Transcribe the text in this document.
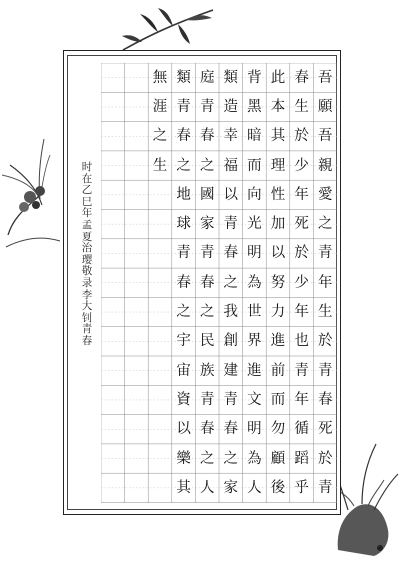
吾
願
吾
親
愛
之
青
年
生
於
青
春
死
於
青
春
生
於
少
年
死
於
少
年
也
青
年
循
蹈
乎
此
本
其
理
性
加
以
努
力
進
前
而
勿
顧
後
背
黑
暗
而
向
光
明
為
世
界
進
文
明
為
人
類
造
幸
福
以
青
春
之
我
創
建
青
春
之
家
庭
青
春
之
國
家
青
春
之
民
族
青
春
之
人
類
青
春
之
地
球
青
春
之
宇
宙
資
以
樂
其
無
涯
之
生
时
在
乙
巳
年
孟
夏
治
璎
敬
录
李
大
钊
青
春
